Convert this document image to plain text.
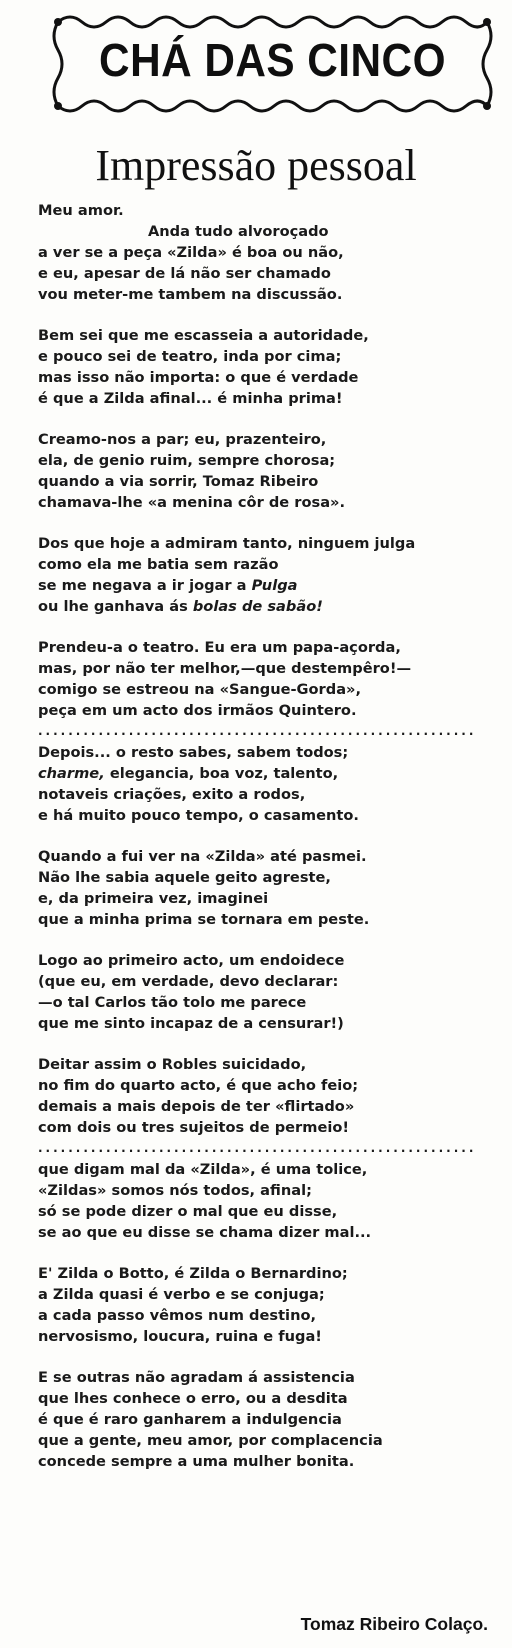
CHÁ DAS CINCO
Impressão pessoal
Meu amor.
Anda tudo alvoroçado
a ver se a peça «Zilda» é boa ou não,
e eu, apesar de lá não ser chamado
vou meter-me tambem na discussão.
Bem sei que me escasseia a autoridade,
e pouco sei de teatro, inda por cima;
mas isso não importa: o que é verdade
é que a Zilda afinal... é minha prima!
Creamo-nos a par; eu, prazenteiro,
ela, de genio ruim, sempre chorosa;
quando a via sorrir, Tomaz Ribeiro
chamava-lhe «a menina côr de rosa».
Dos que hoje a admiram tanto, ninguem julga
como ela me batia sem razão
se me negava a ir jogar a Pulga
ou lhe ganhava ás bolas de sabão!
Prendeu-a o teatro. Eu era um papa-açorda,
mas, por não ter melhor,—que destempêro!—
comigo se estreou na «Sangue-Gorda»,
peça em um acto dos irmãos Quintero.
..........................................................
Depois... o resto sabes, sabem todos;
charme, elegancia, boa voz, talento,
notaveis criações, exito a rodos,
e há muito pouco tempo, o casamento.
Quando a fui ver na «Zilda» até pasmei.
Não lhe sabia aquele geito agreste,
e, da primeira vez, imaginei
que a minha prima se tornara em peste.
Logo ao primeiro acto, um endoidece
(que eu, em verdade, devo declarar:
—o tal Carlos tão tolo me parece
que me sinto incapaz de a censurar!)
Deitar assim o Robles suicidado,
no fim do quarto acto, é que acho feio;
demais a mais depois de ter «flirtado»
com dois ou tres sujeitos de permeio!
..........................................................
que digam mal da «Zilda», é uma tolice,
«Zildas» somos nós todos, afinal;
só se pode dizer o mal que eu disse,
se ao que eu disse se chama dizer mal...
E' Zilda o Botto, é Zilda o Bernardino;
a Zilda quasi é verbo e se conjuga;
a cada passo vêmos num destino,
nervosismo, loucura, ruina e fuga!
E se outras não agradam á assistencia
que lhes conhece o erro, ou a desdita
é que é raro ganharem a indulgencia
que a gente, meu amor, por complacencia
concede sempre a uma mulher bonita.
Tomaz Ribeiro Colaço.
